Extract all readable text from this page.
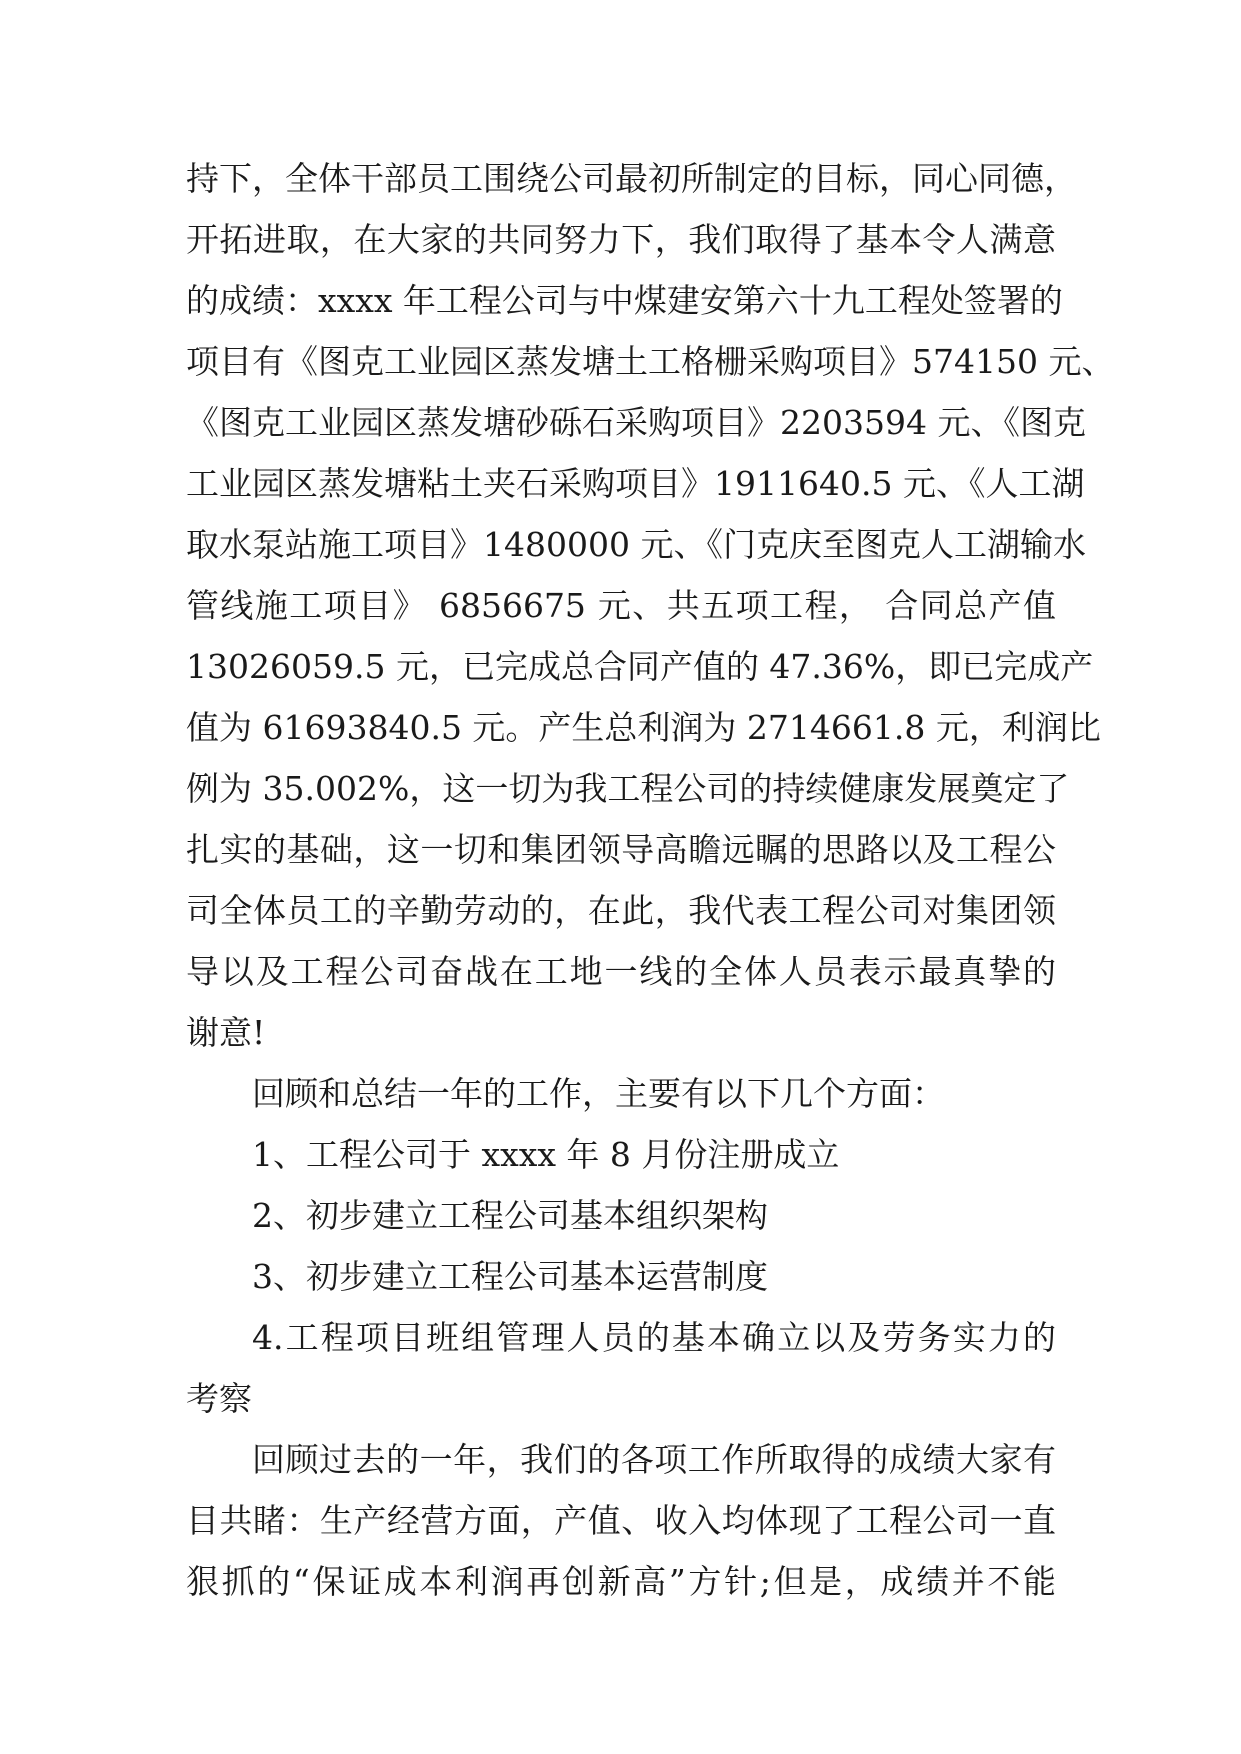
持下，全体干部员工围绕公司最初所制定的目标，同心同德，
开拓进取，在大家的共同努力下，我们取得了基本令人满意
的成绩：xxxx 年工程公司与中煤建安第六十九工程处签署的
项目有《图克工业园区蒸发塘土工格栅采购项目》574150 元、
《图克工业园区蒸发塘砂砾石采购项目》2203594 元、《图克
工业园区蒸发塘粘土夹石采购项目》1911640.5 元、《人工湖
取水泵站施工项目》1480000 元、《门克庆至图克人工湖输水
管线施工项目》 6856675 元、共五项工程， 合同总产值
13026059.5 元，已完成总合同产值的 47.36%，即已完成产
值为 61693840.5 元。产生总利润为 2714661.8 元，利润比
例为 35.002%，这一切为我工程公司的持续健康发展奠定了
扎实的基础，这一切和集团领导高瞻远瞩的思路以及工程公
司全体员工的辛勤劳动的，在此，我代表工程公司对集团领
导以及工程公司奋战在工地一线的全体人员表示最真挚的
谢意!
回顾和总结一年的工作，主要有以下几个方面：
1、工程公司于 xxxx 年 8 月份注册成立
2、初步建立工程公司基本组织架构
3、初步建立工程公司基本运营制度
4.工程项目班组管理人员的基本确立以及劳务实力的
考察
回顾过去的一年，我们的各项工作所取得的成绩大家有
目共睹：生产经营方面，产值、收入均体现了工程公司一直
狠抓的“保证成本利润再创新高”方针;但是，成绩并不能
